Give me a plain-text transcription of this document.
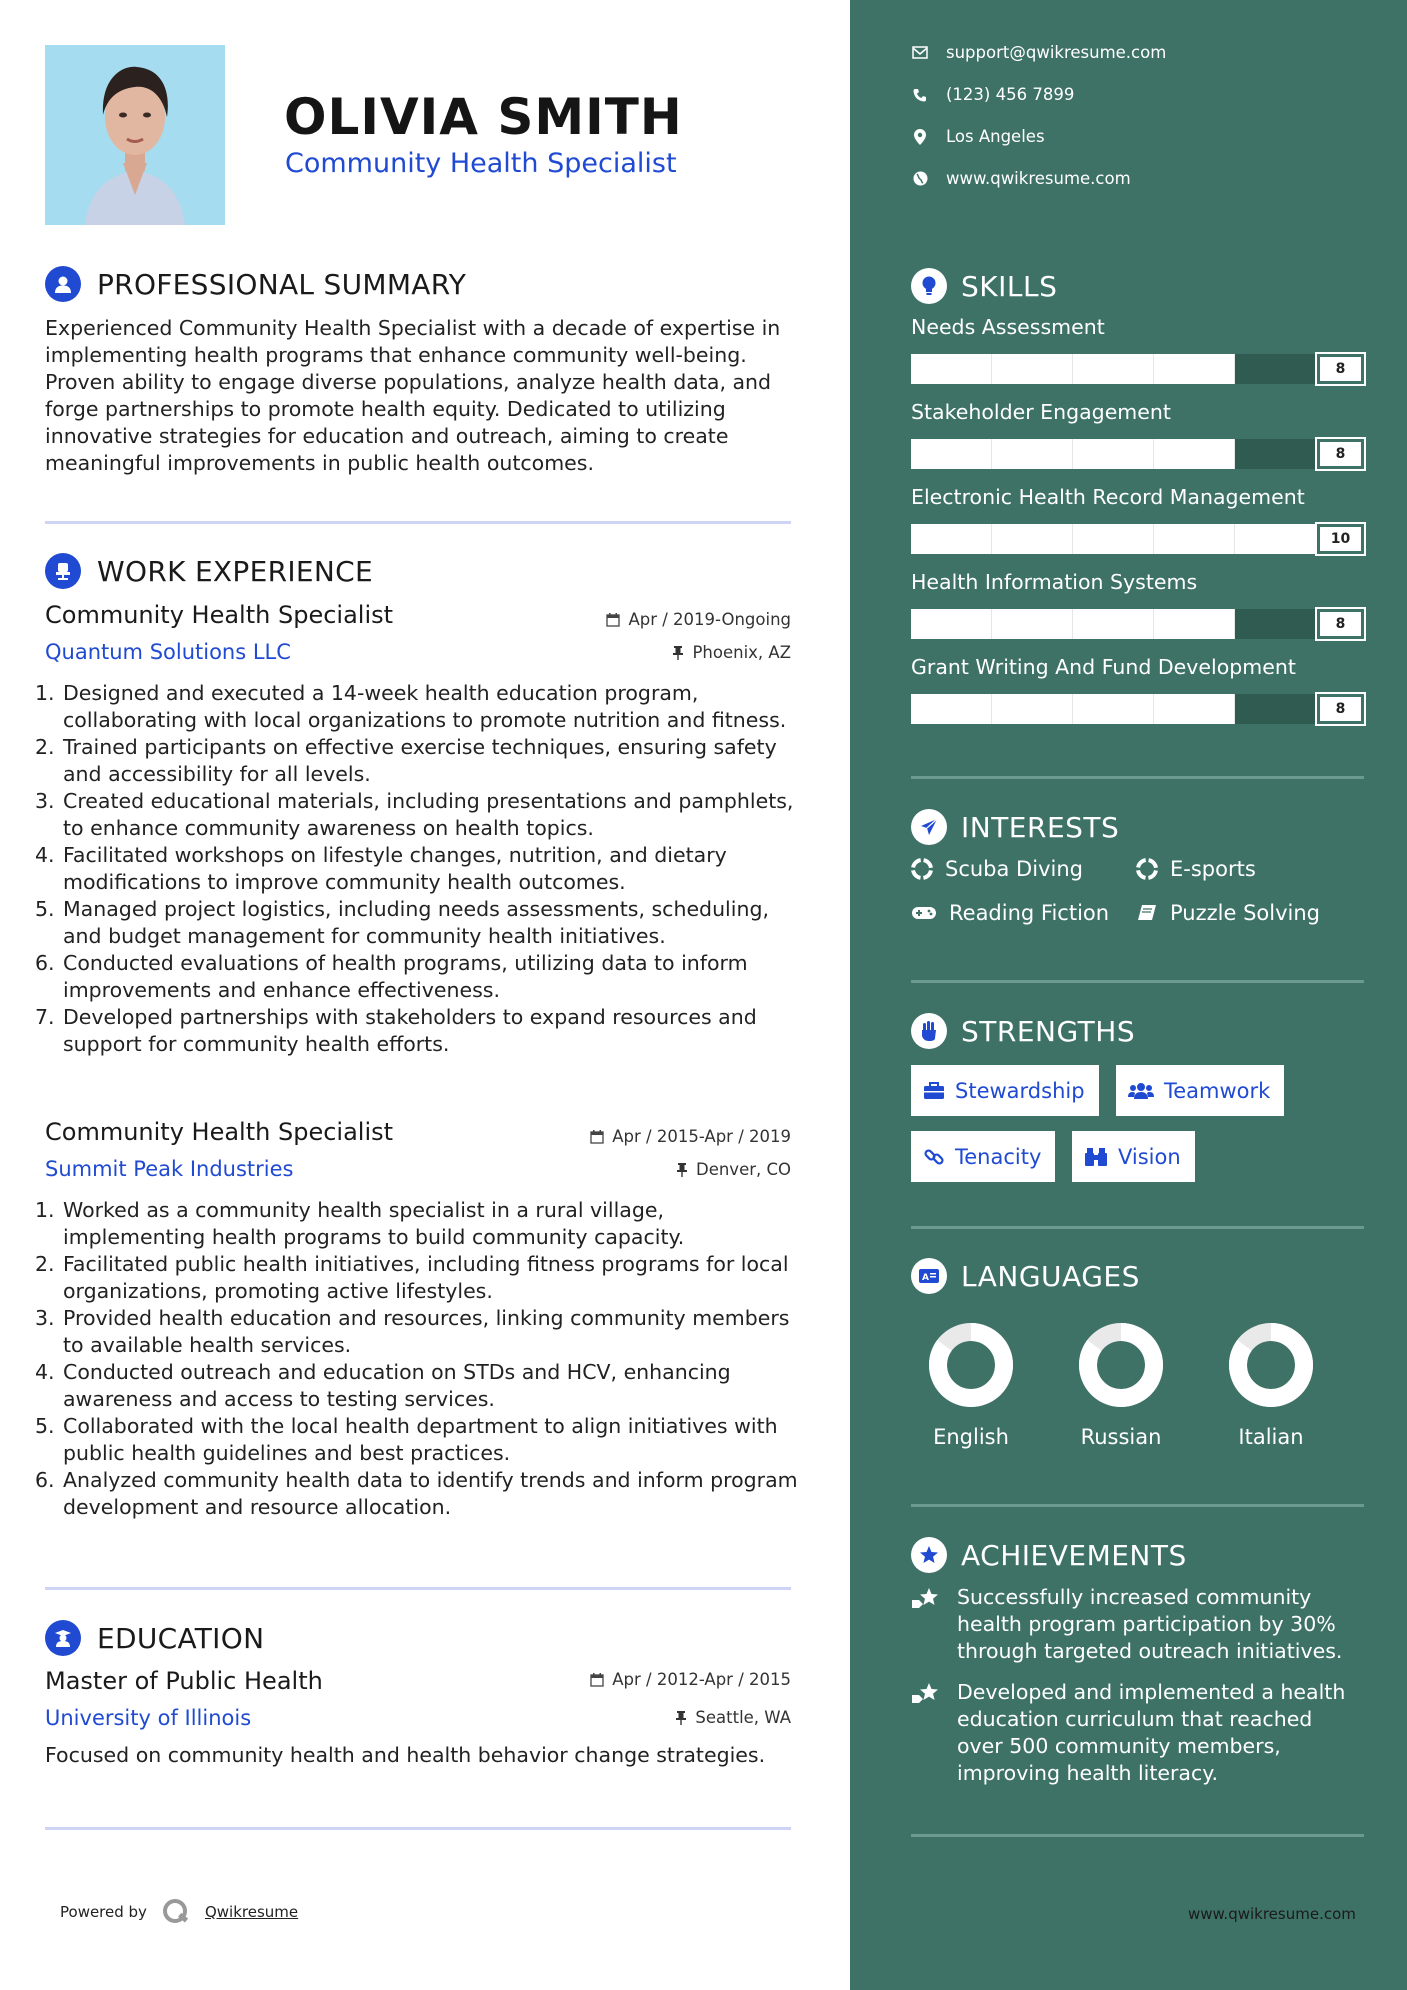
OLIVIA SMITH
Community Health Specialist
PROFESSIONAL SUMMARY
Experienced Community Health Specialist with a decade of expertise in implementing health programs that enhance community well-being. Proven ability to engage diverse populations, analyze health data, and forge partnerships to promote health equity. Dedicated to utilizing innovative strategies for education and outreach, aiming to create meaningful improvements in public health outcomes.
WORK EXPERIENCE
Community Health Specialist	Apr / 2019-Ongoing
Quantum Solutions LLC	Phoenix, AZ
1. Designed and executed a 14-week health education program, collaborating with local organizations to promote nutrition and fitness.
2. Trained participants on effective exercise techniques, ensuring safety and accessibility for all levels.
3. Created educational materials, including presentations and pamphlets, to enhance community awareness on health topics.
4. Facilitated workshops on lifestyle changes, nutrition, and dietary modifications to improve community health outcomes.
5. Managed project logistics, including needs assessments, scheduling, and budget management for community health initiatives.
6. Conducted evaluations of health programs, utilizing data to inform improvements and enhance effectiveness.
7. Developed partnerships with stakeholders to expand resources and support for community health efforts.
Community Health Specialist	Apr / 2015-Apr / 2019
Summit Peak Industries	Denver, CO
1. Worked as a community health specialist in a rural village, implementing health programs to build community capacity.
2. Facilitated public health initiatives, including fitness programs for local organizations, promoting active lifestyles.
3. Provided health education and resources, linking community members to available health services.
4. Conducted outreach and education on STDs and HCV, enhancing awareness and access to testing services.
5. Collaborated with the local health department to align initiatives with public health guidelines and best practices.
6. Analyzed community health data to identify trends and inform program development and resource allocation.
EDUCATION
Master of Public Health	Apr / 2012-Apr / 2015
University of Illinois	Seattle, WA
Focused on community health and health behavior change strategies.
Powered by	Qwikresume
support@qwikresume.com
(123) 456 7899
Los Angeles
www.qwikresume.com
SKILLS
Needs Assessment
8
Stakeholder Engagement
8
Electronic Health Record Management
10
Health Information Systems
8
Grant Writing And Fund Development
8
INTERESTS
Scuba Diving	E-sports
Reading Fiction	Puzzle Solving
STRENGTHS
Stewardship	Teamwork
Tenacity	Vision
A LANGUAGES
English	Russian	Italian
ACHIEVEMENTS
Successfully increased community health program participation by 30% through targeted outreach initiatives.
Developed and implemented a health education curriculum that reached over 500 community members, improving health literacy.
www.qwikresume.com
